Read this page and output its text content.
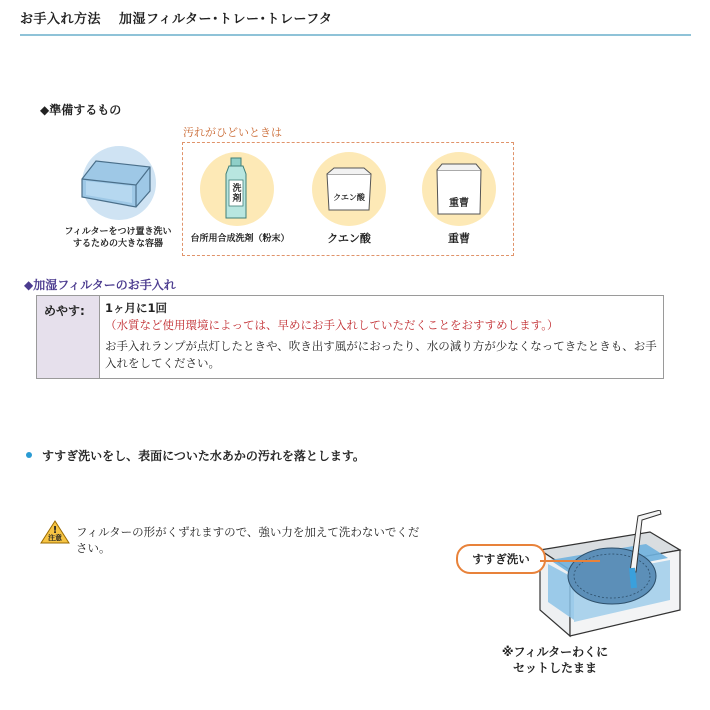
お手入れ方法 加湿フィルター･トレー･トレーフタ
◆準備するもの
フィルターをつけ置き洗い
するための大きな容器
汚れがひどいときは
洗剤
台所用合成洗剤（粉末）
クエン酸
クエン酸
重曹
重曹
◆加湿フィルターのお手入れ
めやす: 1ヶ月に1回
（水質など使用環境によっては、早めにお手入れしていただくことをおすすめします。）
お手入れランプが点灯したときや、吹き出す風がにおったり、水の減り方が少なくなってきたときも、お手入れをしてください。
すすぎ洗いをし、表面についた水あかの汚れを落とします。
!
注意	フィルターの形がくずれますので、強い力を加えて洗わないでください。
すすぎ洗い
※フィルターわくに
セットしたまま
